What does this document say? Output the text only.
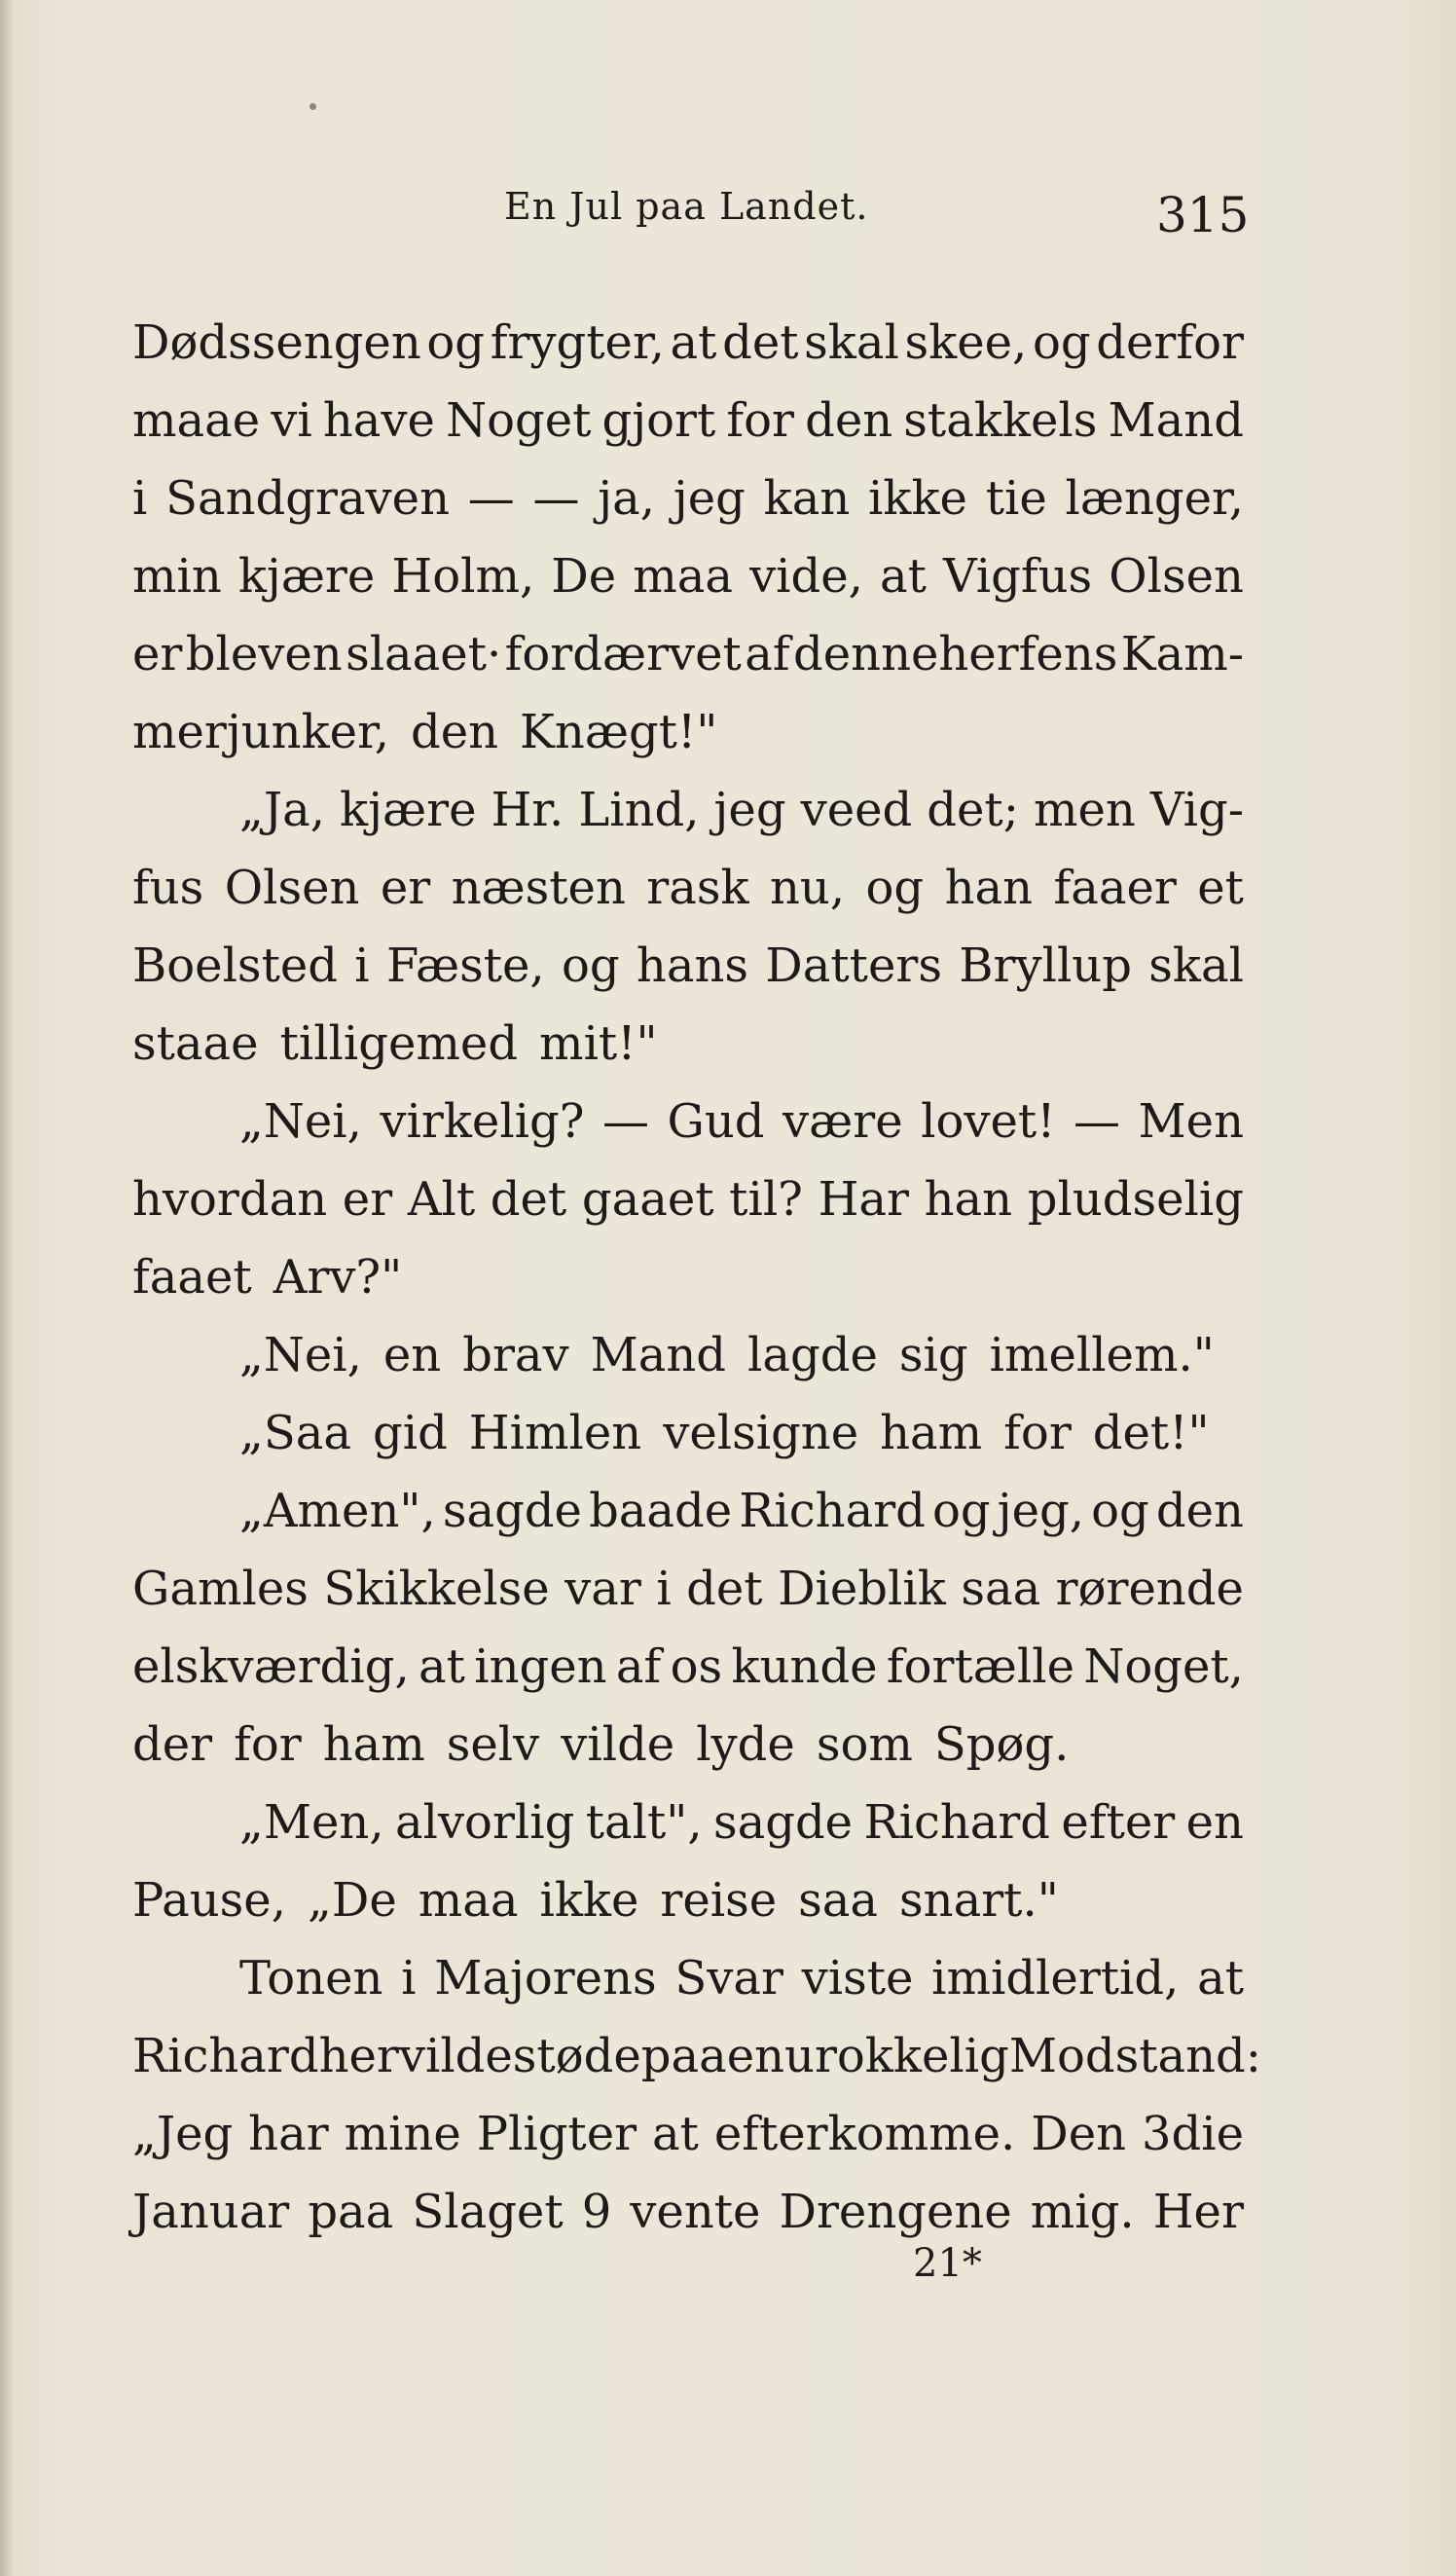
En Jul paa Landet.	315
Dødssengen og frygter, at det skal skee, og derfor
maae vi have Noget gjort for den stakkels Mand
i Sandgraven — — ja, jeg kan ikke tie længer,
min kjære Holm, De maa vide, at Vigfus Olsen
er bleven slaaet· fordærvet af denneherfens Kam-
merjunker, den Knægt!"
„Ja, kjære Hr. Lind, jeg veed det; men Vig-
fus Olsen er næsten rask nu, og han faaer et
Boelsted i Fæste, og hans Datters Bryllup skal
staae tilligemed mit!"
„Nei, virkelig? — Gud være lovet! — Men
hvordan er Alt det gaaet til? Har han pludselig
faaet Arv?"
„Nei, en brav Mand lagde sig imellem."
„Saa gid Himlen velsigne ham for det!"
„Amen", sagde baade Richard og jeg, og den
Gamles Skikkelse var i det Dieblik saa rørende
elskværdig, at ingen af os kunde fortælle Noget,
der for ham selv vilde lyde som Spøg.
„Men, alvorlig talt", sagde Richard efter en
Pause, „De maa ikke reise saa snart."
Tonen i Majorens Svar viste imidlertid, at
Richard her vilde støde paa en urokkelig Modstand:
„Jeg har mine Pligter at efterkomme. Den 3die
Januar paa Slaget 9 vente Drengene mig. Her
21*
